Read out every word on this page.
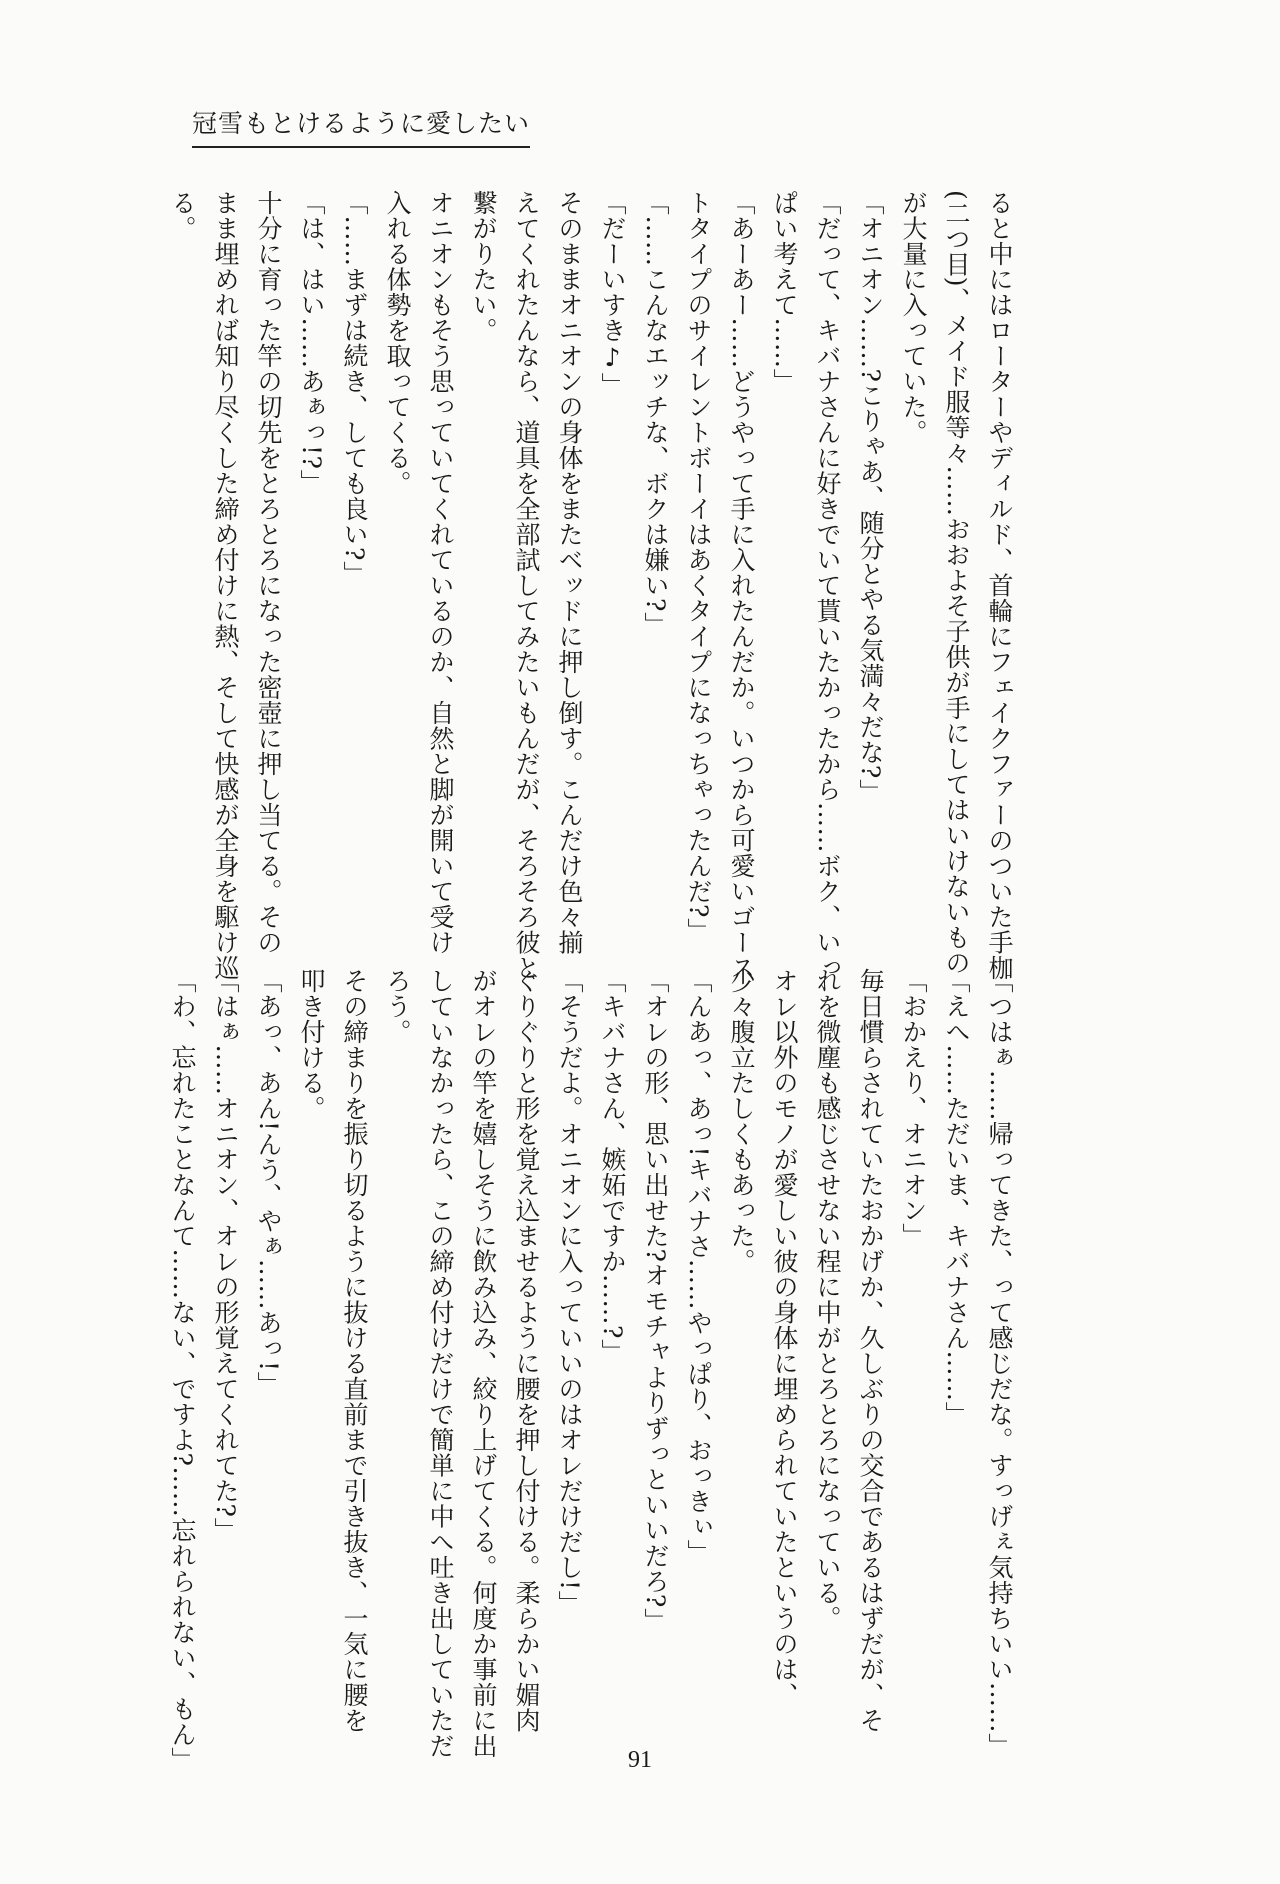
冠雪もとけるように愛したい
ると中にはローターやディルド、首輪にフェイクファーのついた手枷
(二つ目)、メイド服等々……おおよそ子供が手にしてはいけないもの
が大量に入っていた。
「オニオン……?こりゃあ、随分とやる気満々だな?」
「だって、キバナさんに好きでいて貰いたかったから……ボク、いっ
ぱい考えて……」
「あーあー……どうやって手に入れたんだか。いつから可愛いゴース
トタイプのサイレントボーイはあくタイプになっちゃったんだ?」
「……こんなエッチな、ボクは嫌い?」
「だーいすき♪」
そのままオニオンの身体をまたベッドに押し倒す。こんだけ色々揃
えてくれたんなら、道具を全部試してみたいもんだが、そろそろ彼と
繋がりたい。
オニオンもそう思っていてくれているのか、自然と脚が開いて受け
入れる体勢を取ってくる。
「……まずは続き、しても良い?」
「は、はい……あぁっ!?」
十分に育った竿の切先をとろとろになった密壺に押し当てる。その
まま埋めれば知り尽くした締め付けに熱、そして快感が全身を駆け巡
る。
「つはぁ……帰ってきた、って感じだな。すっげぇ気持ちいい……」
「えへ……ただいま、キバナさん……」
「おかえり、オニオン」
毎日慣らされていたおかげか、久しぶりの交合であるはずだが、そ
れを微塵も感じさせない程に中がとろとろになっている。
オレ以外のモノが愛しい彼の身体に埋められていたというのは、
少々腹立たしくもあった。
「んあっ、あっ!キバナさ……やっぱり、おっきぃ」
「オレの形、思い出せた?オモチャよりずっといいだろ?」
「キバナさん、嫉妬ですか……?」
「そうだよ。オニオンに入っていいのはオレだけだし!」
ぐりぐりと形を覚え込ませるように腰を押し付ける。柔らかい媚肉
がオレの竿を嬉しそうに飲み込み、絞り上げてくる。何度か事前に出
していなかったら、この締め付けだけで簡単に中へ吐き出していただ
ろう。
その締まりを振り切るように抜ける直前まで引き抜き、一気に腰を
叩き付ける。
「あっ、あん!んう、やぁ……あっ!」
「はぁ……オニオン、オレの形覚えてくれてた?」
「わ、忘れたことなんて……ない、ですよ?……忘れられない、もん」	91
